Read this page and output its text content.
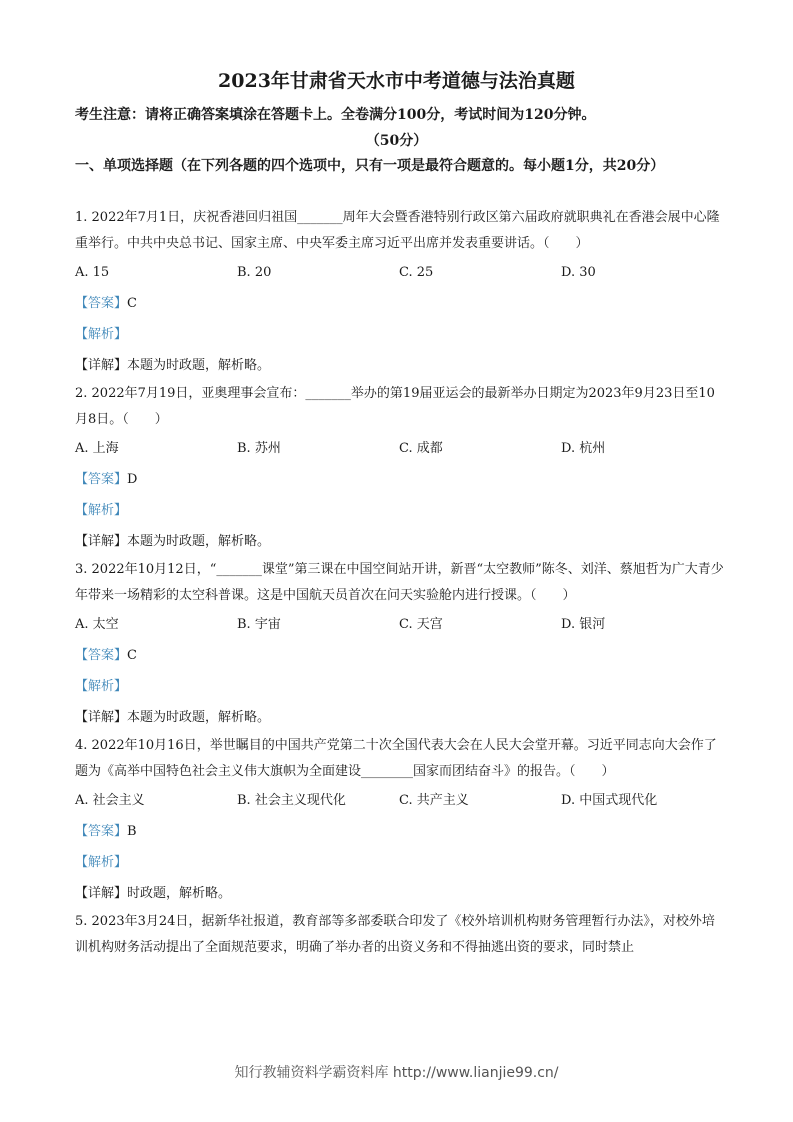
2023年甘肃省天水市中考道德与法治真题
考生注意：请将正确答案填涂在答题卡上。全卷满分100分，考试时间为120分钟。
（50分）
一、单项选择题（在下列各题的四个选项中，只有一项是最符合题意的。每小题1分，共20分）
1. 2022年7月1日，庆祝香港回归祖国_______周年大会暨香港特别行政区第六届政府就职典礼在香港会展中心隆重举行。中共中央总书记、国家主席、中央军委主席习近平出席并发表重要讲话。（　　）
A. 15	B. 20	C. 25	D. 30
【答案】C
【解析】
【详解】本题为时政题，解析略。
2. 2022年7月19日，亚奥理事会宣布：_______举办的第19届亚运会的最新举办日期定为2023年9月23日至10月8日。（　　）
A. 上海	B. 苏州	C. 成都	D. 杭州
【答案】D
【解析】
【详解】本题为时政题，解析略。
3. 2022年10月12日，“_______课堂”第三课在中国空间站开讲，新晋“太空教师”陈冬、刘洋、蔡旭哲为广大青少年带来一场精彩的太空科普课。这是中国航天员首次在问天实验舱内进行授课。（　　）
A. 太空	B. 宇宙	C. 天宫	D. 银河
【答案】C
【解析】
【详解】本题为时政题，解析略。
4. 2022年10月16日，举世瞩目的中国共产党第二十次全国代表大会在人民大会堂开幕。习近平同志向大会作了题为《高举中国特色社会主义伟大旗帜为全面建设________国家而团结奋斗》的报告。（　　）
A. 社会主义	B. 社会主义现代化	C. 共产主义	D. 中国式现代化
【答案】B
【解析】
【详解】时政题，解析略。
5. 2023年3月24日，据新华社报道，教育部等多部委联合印发了《校外培训机构财务管理暂行办法》，对校外培训机构财务活动提出了全面规范要求，明确了举办者的出资义务和不得抽逃出资的要求，同时禁止
知行教辅资料学霸资料库 http://www.lianjie99.cn/
